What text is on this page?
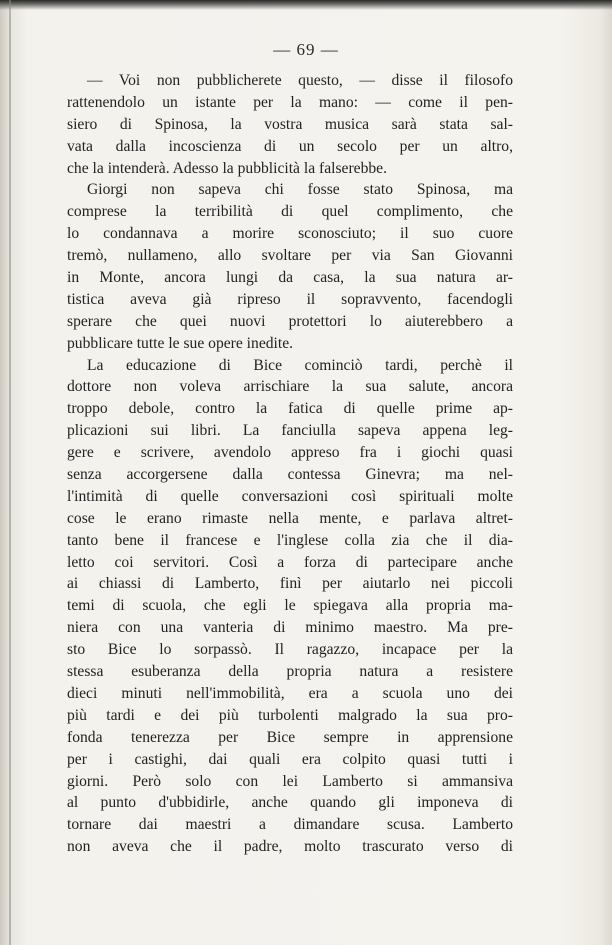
— 69 —
— Voi non pubblicherete questo, — disse il filosofo
rattenendolo un istante per la mano: — come il pen-
siero di Spinosa, la vostra musica sarà stata sal-
vata dalla incoscienza di un secolo per un altro,
che la intenderà. Adesso la pubblicità la falserebbe.
Giorgi non sapeva chi fosse stato Spinosa, ma
comprese la terribilità di quel complimento, che
lo condannava a morire sconosciuto; il suo cuore
tremò, nullameno, allo svoltare per via San Giovanni
in Monte, ancora lungi da casa, la sua natura ar-
tistica aveva già ripreso il sopravvento, facendogli
sperare che quei nuovi protettori lo aiuterebbero a
pubblicare tutte le sue opere inedite.
La educazione di Bice cominciò tardi, perchè il
dottore non voleva arrischiare la sua salute, ancora
troppo debole, contro la fatica di quelle prime ap-
plicazioni sui libri. La fanciulla sapeva appena leg-
gere e scrivere, avendolo appreso fra i giochi quasi
senza accorgersene dalla contessa Ginevra; ma nel-
l'intimità di quelle conversazioni così spirituali molte
cose le erano rimaste nella mente, e parlava altret-
tanto bene il francese e l'inglese colla zia che il dia-
letto coi servitori. Così a forza di partecipare anche
ai chiassi di Lamberto, finì per aiutarlo nei piccoli
temi di scuola, che egli le spiegava alla propria ma-
niera con una vanteria di minimo maestro. Ma pre-
sto Bice lo sorpassò. Il ragazzo, incapace per la
stessa esuberanza della propria natura a resistere
dieci minuti nell'immobilità, era a scuola uno dei
più tardi e dei più turbolenti malgrado la sua pro-
fonda tenerezza per Bice sempre in apprensione
per i castighi, dai quali era colpito quasi tutti i
giorni. Però solo con lei Lamberto si ammansiva
al punto d'ubbidirle, anche quando gli imponeva di
tornare dai maestri a dimandare scusa. Lamberto
non aveva che il padre, molto trascurato verso di
